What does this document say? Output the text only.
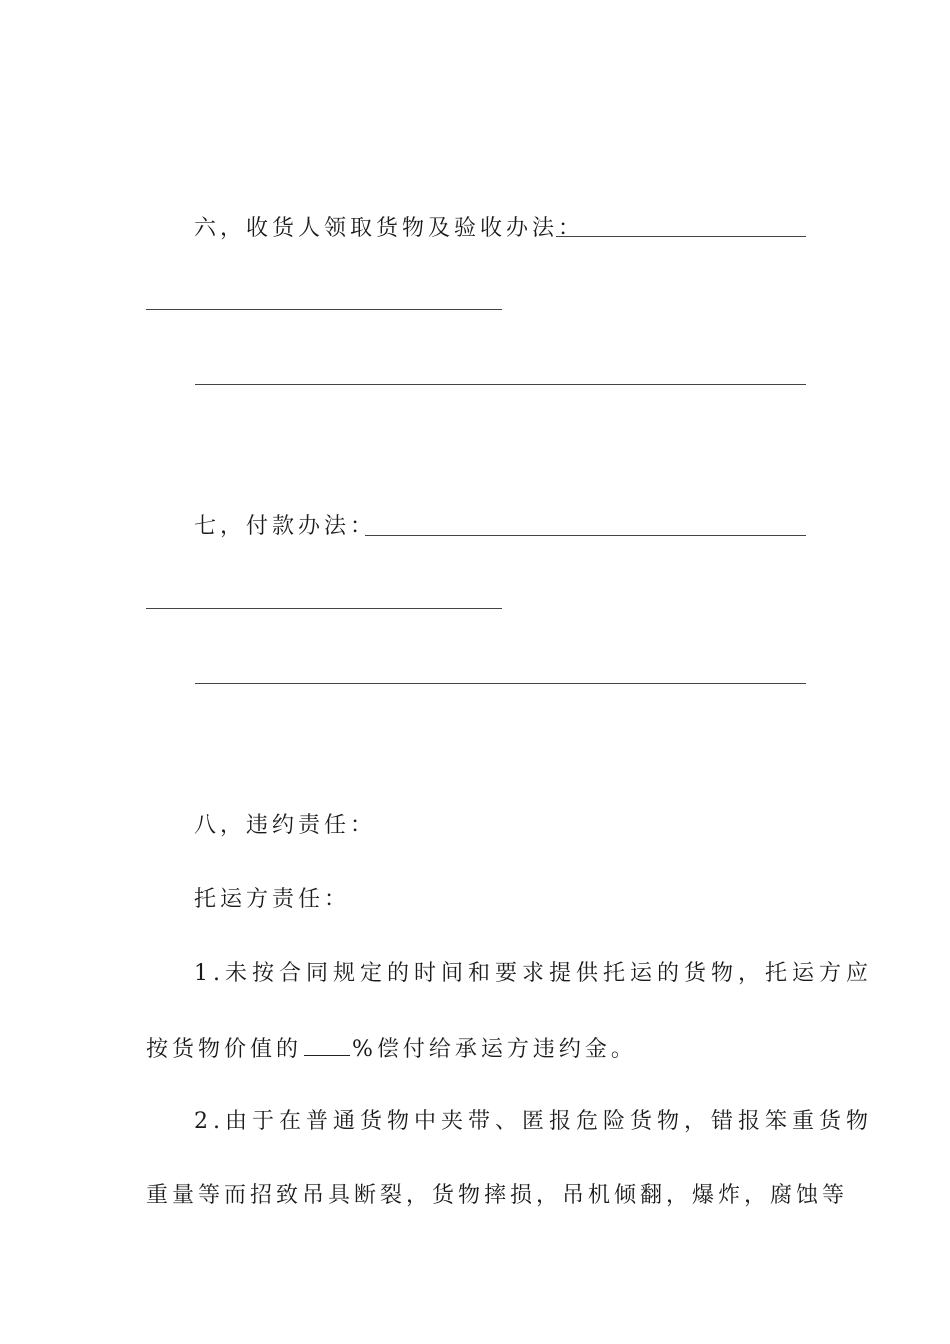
六，收货人领取货物及验收办法：
七，付款办法：
八，违约责任：
托运方责任：
1.未按合同规定的时间和要求提供托运的货物，托运方应
按货物价值的 %偿付给承运方违约金。
2.由于在普通货物中夹带、匿报危险货物，错报笨重货物
重量等而招致吊具断裂，货物摔损，吊机倾翻，爆炸，腐蚀等
